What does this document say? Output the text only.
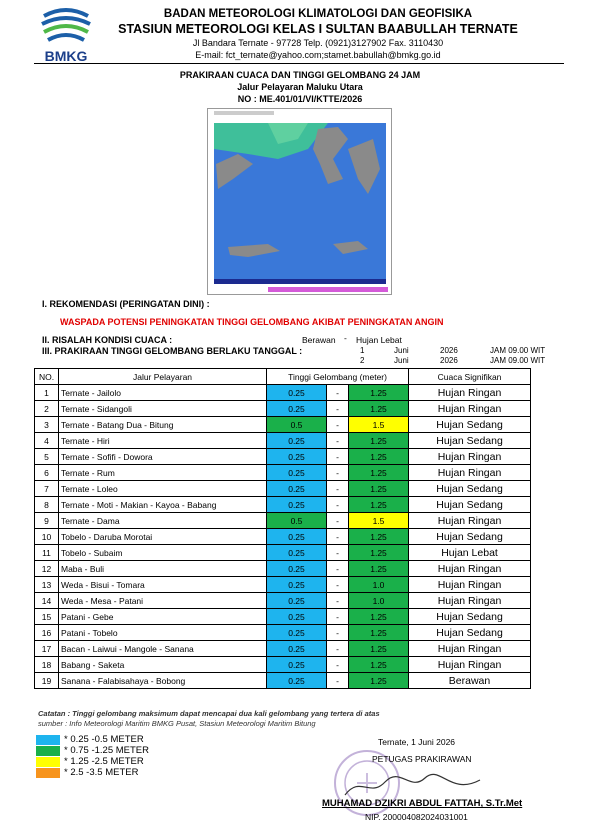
BMKG
BADAN METEOROLOGI KLIMATOLOGI DAN GEOFISIKA
STASIUN METEOROLOGI KELAS I SULTAN BAABULLAH TERNATE
Jl Bandara Ternate - 97728 Telp. (0921)3127902 Fax. 3110430
E-mail: fct_ternate@yahoo.com;stamet.babullah@bmkg.go.id
PRAKIRAAN CUACA DAN TINGGI GELOMBANG 24 JAM
Jalur Pelayaran Maluku Utara
NO : ME.401/01/VI/KTTE/2026
I. REKOMENDASI (PERINGATAN DINI) :
WASPADA POTENSI PENINGKATAN TINGGI GELOMBANG AKIBAT PENINGKATAN ANGIN
II. RISALAH KONDISI CUACA :	Berawan - Hujan Lebat
III. PRAKIRAAN TINGGI GELOMBANG BERLAKU TANGGAL :	1	Juni	2026	JAM 09.00 WIT
2	Juni	2026	JAM 09.00 WIT
NO.	Jalur Pelayaran	Tinggi Gelombang (meter)			Cuaca Signifikan
1	Ternate - Jailolo	0.25	-	1.25	Hujan Ringan
2	Ternate - Sidangoli	0.25	-	1.25	Hujan Ringan
3	Ternate - Batang Dua - Bitung	0.5	-	1.5	Hujan Sedang
4	Ternate - Hiri	0.25	-	1.25	Hujan Sedang
5	Ternate - Sofifi - Dowora	0.25	-	1.25	Hujan Ringan
6	Ternate - Rum	0.25	-	1.25	Hujan Ringan
7	Ternate - Loleo	0.25	-	1.25	Hujan Sedang
8	Ternate - Moti - Makian - Kayoa - Babang	0.25	-	1.25	Hujan Sedang
9	Ternate - Dama	0.5	-	1.5	Hujan Ringan
10	Tobelo - Daruba Morotai	0.25	-	1.25	Hujan Sedang
11	Tobelo - Subaim	0.25	-	1.25	Hujan Lebat
12	Maba - Buli	0.25	-	1.25	Hujan Ringan
13	Weda - Bisui - Tomara	0.25	-	1.0	Hujan Ringan
14	Weda - Mesa - Patani	0.25	-	1.0	Hujan Ringan
15	Patani - Gebe	0.25	-	1.25	Hujan Sedang
16	Patani - Tobelo	0.25	-	1.25	Hujan Sedang
17	Bacan - Laiwui - Mangole - Sanana	0.25	-	1.25	Hujan Ringan
18	Babang - Saketa	0.25	-	1.25	Hujan Ringan
19	Sanana - Falabisahaya - Bobong	0.25	-	1.25	Berawan
Catatan : Tinggi gelombang maksimum dapat mencapai dua kali gelombang yang tertera di atas
sumber : Info Meteorologi Maritim BMKG Pusat, Stasiun Meteorologi Maritim Bitung
* 0.25 -0.5 METER
* 0.75 -1.25 METER
* 1.25 -2.5 METER
* 2.5 -3.5 METER
Ternate, 1 Juni 2026
PETUGAS PRAKIRAWAN
MUHAMAD DZIKRI ABDUL FATTAH, S.Tr.Met
NIP. 200004082024031001
